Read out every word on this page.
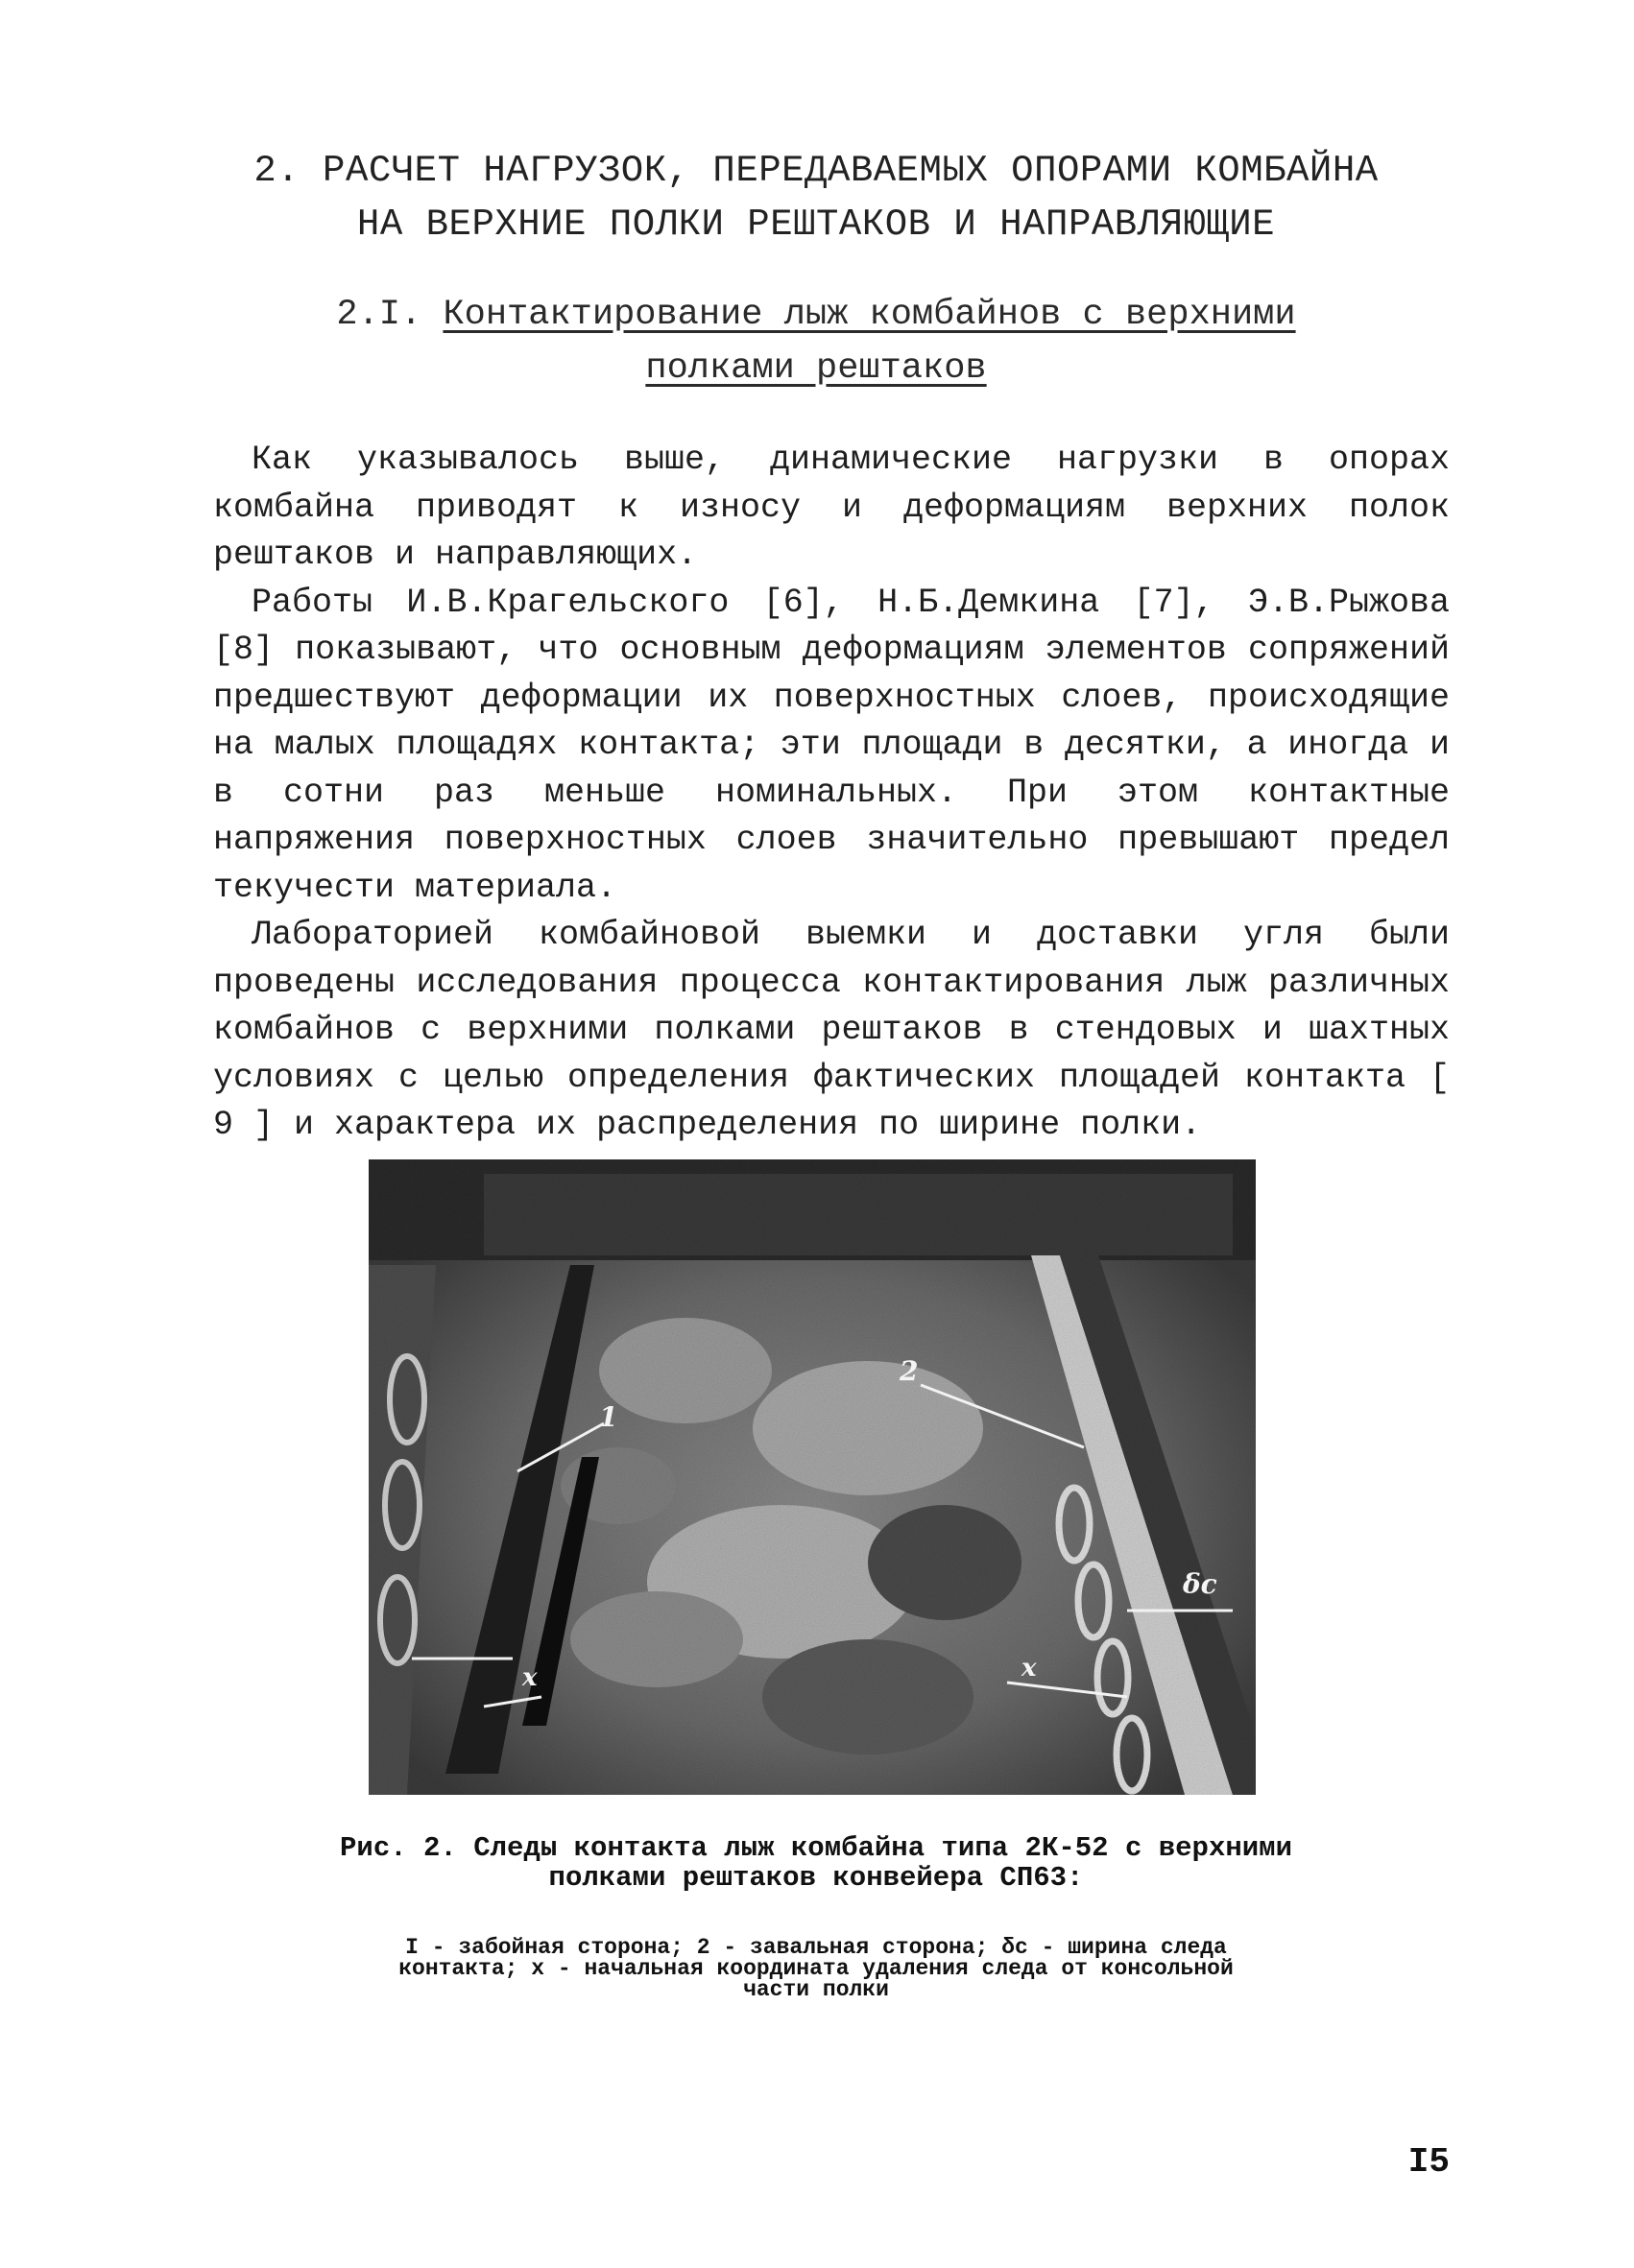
2. РАСЧЕТ НАГРУЗОК, ПЕРЕДАВАЕМЫХ ОПОРАМИ КОМБАЙНА
НА ВЕРХНИЕ ПОЛКИ РЕШТАКОВ И НАПРАВЛЯЮЩИЕ
2.I. Контактирование лыж комбайнов с верхними
полками рештаков

Как указывалось выше, динамические нагрузки в опорах комбайна приводят к износу и деформациям верхних полок рештаков и направляющих.

Работы И.В.Крагельского [6], Н.Б.Демкина [7], Э.В.Рыжова [8] показывают, что основным деформациям элементов сопряжений предшествуют деформации их поверхностных слоев, происходящие на малых площадях контакта; эти площади в десятки, а иногда и в сотни раз меньше номинальных. При этом контактные напряжения поверхностных слоев значительно превышают предел текучести материала.

Лабораторией комбайновой выемки и доставки угля были проведены исследования процесса контактирования лыж различных комбайнов с верхними полками рештаков в стендовых и шахтных условиях с целью определения фактических площадей контакта [ 9 ] и характера их распределения по ширине полки.

1
2
δc
x	x
Рис. 2. Следы контакта лыж комбайна типа 2К-52 с верхними
полками рештаков конвейера СП63:
I - забойная сторона; 2 - завальная сторона; δc - ширина следа
контакта; x - начальная координата удаления следа от консольной
части полки
I5
